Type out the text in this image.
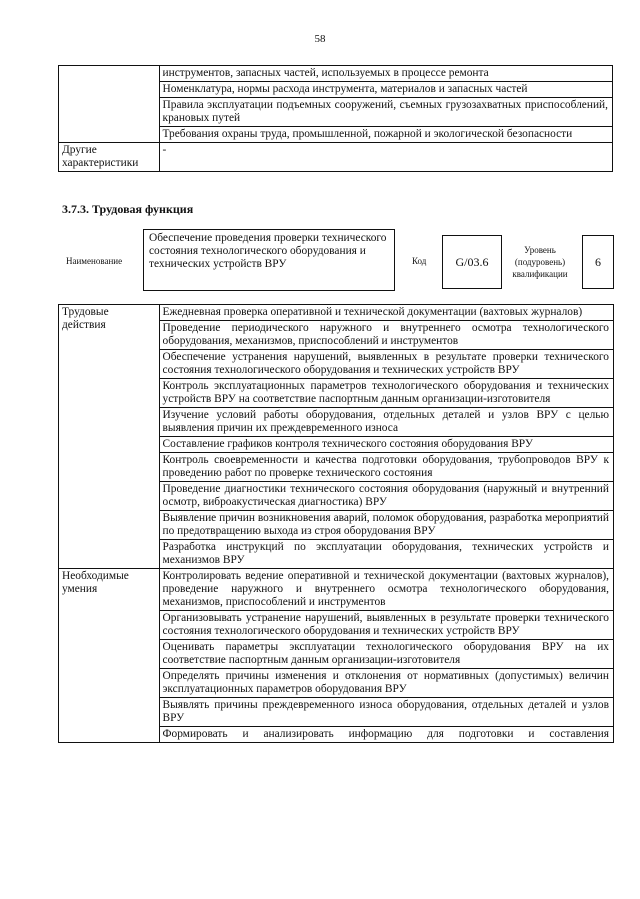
58
	инструментов, запасных частей, используемых в процессе ремонта
	Номенклатура, нормы расхода инструмента, материалов и запасных частей
	Правила эксплуатации подъемных сооружений, съемных грузозахватных приспособлений, крановых путей
	Требования охраны труда, промышленной, пожарной и экологической безопасности
Другие характеристики	-
3.7.3. Трудовая функция
Наименование
Обеспечение проведения проверки технического состояния технологического оборудования и технических устройств ВРУ	Код	G/03.6
Уровень (подуровень) квалификации
6
Трудовые действия	Ежедневная проверка оперативной и технической документации (вахтовых журналов)
	Проведение периодического наружного и внутреннего осмотра технологического оборудования, механизмов, приспособлений и инструментов
	Обеспечение устранения нарушений, выявленных в результате проверки технического состояния технологического оборудования и технических устройств ВРУ
	Контроль эксплуатационных параметров технологического оборудования и технических устройств ВРУ на соответствие паспортным данным организации-изготовителя
	Изучение условий работы оборудования, отдельных деталей и узлов ВРУ с целью выявления причин их преждевременного износа
	Составление графиков контроля технического состояния оборудования ВРУ
	Контроль своевременности и качества подготовки оборудования, трубопроводов ВРУ к проведению работ по проверке технического состояния
	Проведение диагностики технического состояния оборудования (наружный и внутренний осмотр, виброакустическая диагностика) ВРУ
	Выявление причин возникновения аварий, поломок оборудования, разработка мероприятий по предотвращению выхода из строя оборудования ВРУ
	Разработка инструкций по эксплуатации оборудования, технических устройств и механизмов ВРУ
Необходимые умения	Контролировать ведение оперативной и технической документации (вахтовых журналов), проведение наружного и внутреннего осмотра технологического оборудования, механизмов, приспособлений и инструментов
	Организовывать устранение нарушений, выявленных в результате проверки технического состояния технологического оборудования и технических устройств ВРУ
	Оценивать параметры эксплуатации технологического оборудования ВРУ на их соответствие паспортным данным организации-изготовителя
	Определять причины изменения и отклонения от нормативных (допустимых) величин эксплуатационных параметров оборудования ВРУ
	Выявлять причины преждевременного износа оборудования, отдельных деталей и узлов ВРУ
	Формировать и анализировать информацию для подготовки и составления
